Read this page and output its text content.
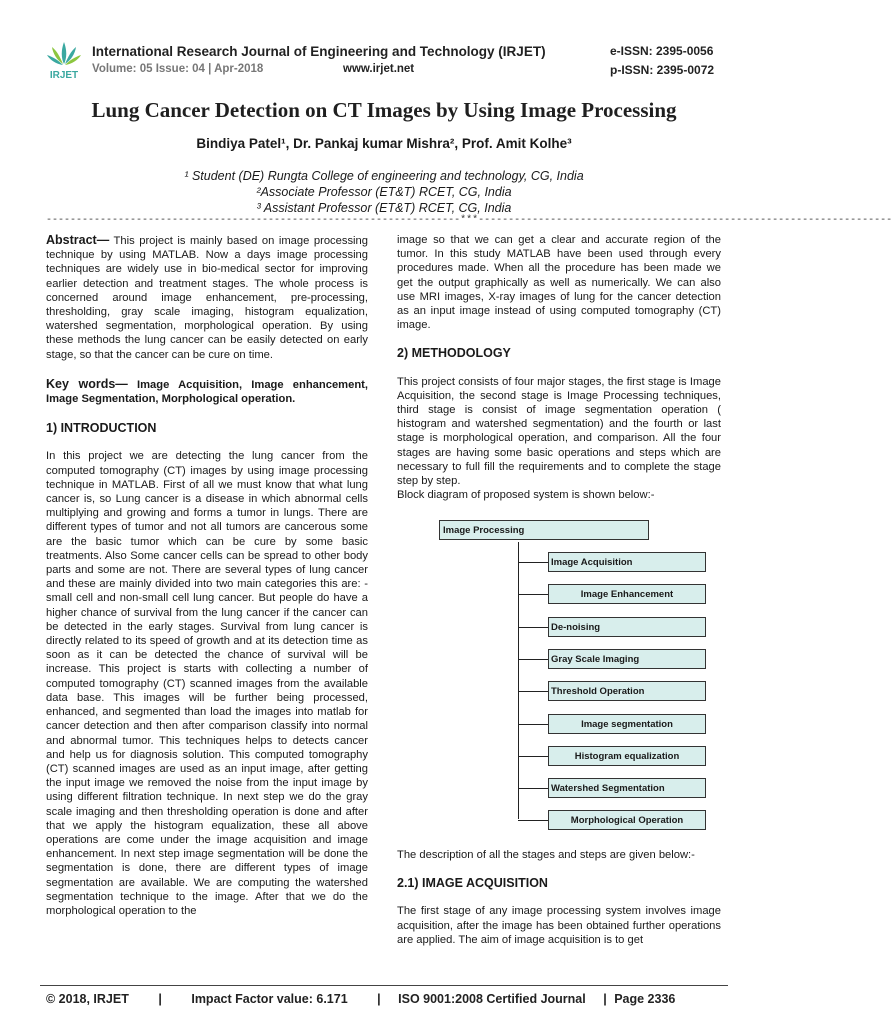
IRJET
International Research Journal of Engineering and Technology (IRJET)
Volume: 05 Issue: 04 | Apr-2018	www.irjet.net
e-ISSN: 2395-0056
p-ISSN: 2395-0072
Lung Cancer Detection on CT Images by Using Image Processing
Bindiya Patel¹, Dr. Pankaj kumar Mishra², Prof. Amit Kolhe³
¹ Student (DE) Rungta College of engineering and technology, CG, India
²Associate Professor (ET&T) RCET, CG, India
³ Assistant Professor (ET&T) RCET, CG, India
---------------------------------------------------------------------***---------------------------------------------------------------------

Abstract— This project is mainly based on image processing technique by using MATLAB. Now a days image processing techniques are widely use in bio-medical sector for improving earlier detection and treatment stages. The whole process is concerned around image enhancement, pre-processing, thresholding, gray scale imaging, histogram equalization, watershed segmentation, morphological operation. By using these methods the lung cancer can be easily detected on early stage, so that the cancer can be cure on time.

Key words— Image Acquisition, Image enhancement, Image Segmentation, Morphological operation.

1) INTRODUCTION

In this project we are detecting the lung cancer from the computed tomography (CT) images by using image processing technique in MATLAB. First of all we must know that what lung cancer is, so Lung cancer is a disease in which abnormal cells multiplying and growing and forms a tumor in lungs. There are different types of tumor and not all tumors are cancerous some are the basic tumor which can be cure by some basic treatments. Also Some cancer cells can be spread to other body parts and some are not. There are several types of lung cancer and these are mainly divided into two main categories this are: - small cell and non-small cell lung cancer. But people do have a higher chance of survival from the lung cancer if the cancer can be detected in the early stages. Survival from lung cancer is directly related to its speed of growth and at its detection time as soon as it can be detected the chance of survival will be increase. This project is starts with collecting a number of computed tomography (CT) scanned images from the available data base. This images will be further being processed, enhanced, and segmented than load the images into matlab for cancer detection and then after comparison classify into normal and abnormal tumor. This techniques helps to detects cancer and help us for diagnosis solution. This computed tomography (CT) scanned images are used as an input image, after getting the input image we removed the noise from the input image by using different filtration technique. In next step we do the gray scale imaging and then thresholding operation is done and after that we apply the histogram equalization, these all above operations are come under the image acquisition and image enhancement. In next step image segmentation will be done the segmentation is done, there are different types of image segmentation are available. We are computing the watershed segmentation technique to the image. After that we do the morphological operation to the

image so that we can get a clear and accurate region of the tumor. In this study MATLAB have been used through every procedures made. When all the procedure has been made we get the output graphically as well as numerically. We can also use MRI images, X-ray images of lung for the cancer detection as an input image instead of using computed tomography (CT) image.

2) METHODOLOGY

This project consists of four major stages, the first stage is Image Acquisition, the second stage is Image Processing techniques, third stage is consist of image segmentation operation ( histogram and watershed segmentation) and the fourth or last stage is morphological operation, and comparison. All the four stages are having some basic operations and steps which are necessary to full fill the requirements and to complete the stage step by step.

Block diagram of proposed system is shown below:-

Image Processing
Image Acquisition
Image Enhancement
De-noising
Gray Scale Imaging
Threshold Operation
Image segmentation
Histogram equalization
Watershed Segmentation
Morphological Operation

The description of all the stages and steps are given below:-

2.1) IMAGE ACQUISITION

The first stage of any image processing system involves image acquisition, after the image has been obtained further operations are applied. The aim of image acquisition is to get

© 2018, IRJET | Impact Factor value: 6.171 | ISO 9001:2008 Certified Journal | Page 2336
